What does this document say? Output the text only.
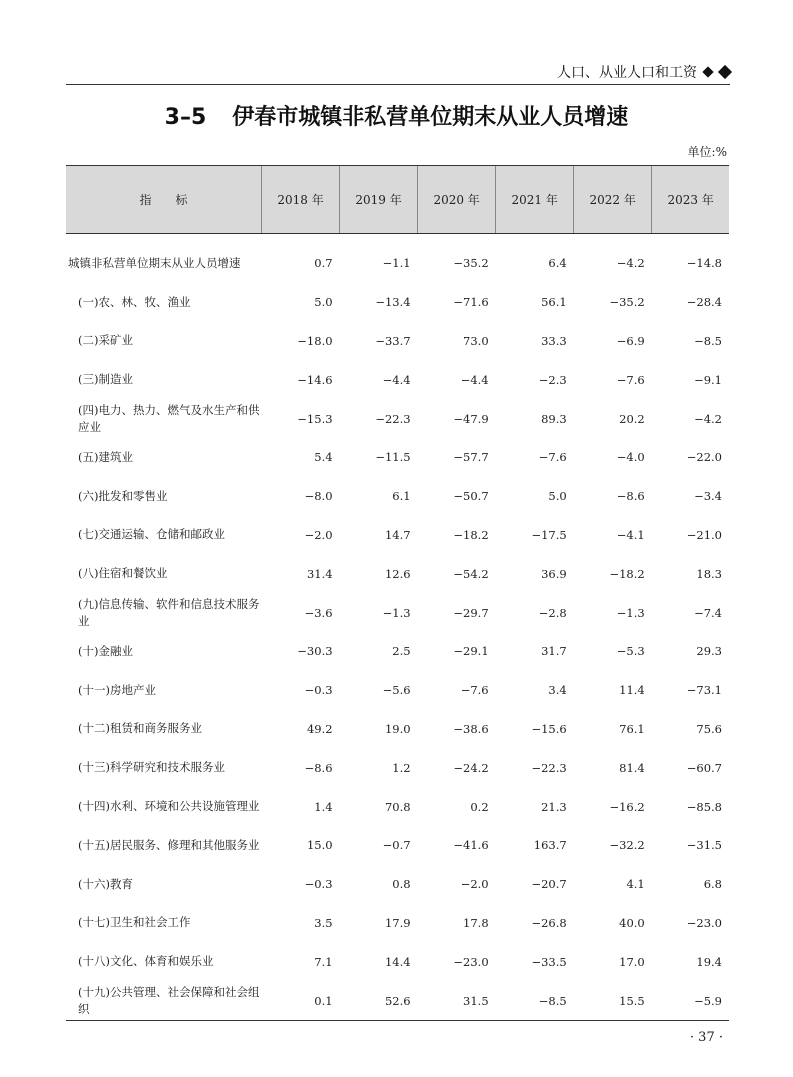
人口、从业人口和工资
3–5 伊春市城镇非私营单位期末从业人员增速
单位:%
指　　标	2018 年	2019 年	2020 年	2021 年	2022 年	2023 年
城镇非私营单位期末从业人员增速	0.7	−1.1	−35.2	6.4	−4.2	−14.8
(一)农、林、牧、渔业	5.0	−13.4	−71.6	56.1	−35.2	−28.4
(二)采矿业	−18.0	−33.7	73.0	33.3	−6.9	−8.5
(三)制造业	−14.6	−4.4	−4.4	−2.3	−7.6	−9.1
(四)电力、热力、燃气及水生产和供应业	−15.3	−22.3	−47.9	89.3	20.2	−4.2
(五)建筑业	5.4	−11.5	−57.7	−7.6	−4.0	−22.0
(六)批发和零售业	−8.0	6.1	−50.7	5.0	−8.6	−3.4
(七)交通运输、仓储和邮政业	−2.0	14.7	−18.2	−17.5	−4.1	−21.0
(八)住宿和餐饮业	31.4	12.6	−54.2	36.9	−18.2	18.3
(九)信息传输、软件和信息技术服务业	−3.6	−1.3	−29.7	−2.8	−1.3	−7.4
(十)金融业	−30.3	2.5	−29.1	31.7	−5.3	29.3
(十一)房地产业	−0.3	−5.6	−7.6	3.4	11.4	−73.1
(十二)租赁和商务服务业	49.2	19.0	−38.6	−15.6	76.1	75.6
(十三)科学研究和技术服务业	−8.6	1.2	−24.2	−22.3	81.4	−60.7
(十四)水利、环境和公共设施管理业	1.4	70.8	0.2	21.3	−16.2	−85.8
(十五)居民服务、修理和其他服务业	15.0	−0.7	−41.6	163.7	−32.2	−31.5
(十六)教育	−0.3	0.8	−2.0	−20.7	4.1	6.8
(十七)卫生和社会工作	3.5	17.9	17.8	−26.8	40.0	−23.0
(十八)文化、体育和娱乐业	7.1	14.4	−23.0	−33.5	17.0	19.4
(十九)公共管理、社会保障和社会组织	0.1	52.6	31.5	−8.5	15.5	−5.9
· 37 ·
